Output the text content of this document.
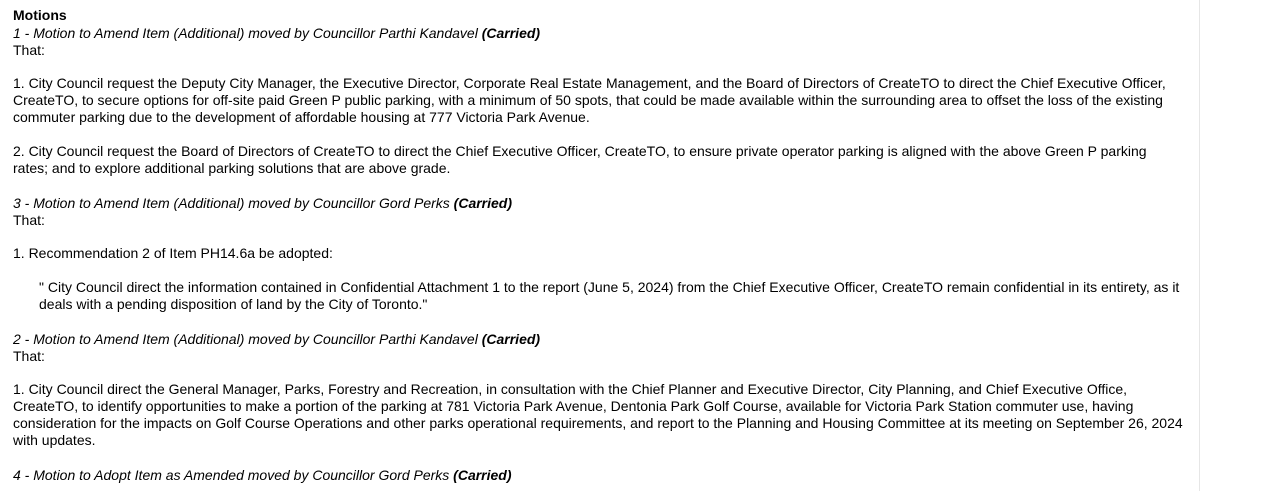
Motions

1 - Motion to Amend Item (Additional) moved by Councillor Parthi Kandavel (Carried)

That:

1. City Council request the Deputy City Manager, the Executive Director, Corporate Real Estate Management, and the Board of Directors of CreateTO to direct the Chief Executive Officer, CreateTO, to secure options for off-site paid Green P public parking, with a minimum of 50 spots, that could be made available within the surrounding area to offset the loss of the existing commuter parking due to the development of affordable housing at 777 Victoria Park Avenue.

2. City Council request the Board of Directors of CreateTO to direct the Chief Executive Officer, CreateTO, to ensure private operator parking is aligned with the above Green P parking rates; and to explore additional parking solutions that are above grade.

3 - Motion to Amend Item (Additional) moved by Councillor Gord Perks (Carried)

That:

1. Recommendation 2 of Item PH14.6a be adopted:

" City Council direct the information contained in Confidential Attachment 1 to the report (June 5, 2024) from the Chief Executive Officer, CreateTO remain confidential in its entirety, as it deals with a pending disposition of land by the City of Toronto."

2 - Motion to Amend Item (Additional) moved by Councillor Parthi Kandavel (Carried)

That:

1. City Council direct the General Manager, Parks, Forestry and Recreation, in consultation with the Chief Planner and Executive Director, City Planning, and Chief Executive Office, CreateTO, to identify opportunities to make a portion of the parking at 781 Victoria Park Avenue, Dentonia Park Golf Course, available for Victoria Park Station commuter use, having consideration for the impacts on Golf Course Operations and other parks operational requirements, and report to the Planning and Housing Committee at its meeting on September 26, 2024 with updates.

4 - Motion to Adopt Item as Amended moved by Councillor Gord Perks (Carried)
